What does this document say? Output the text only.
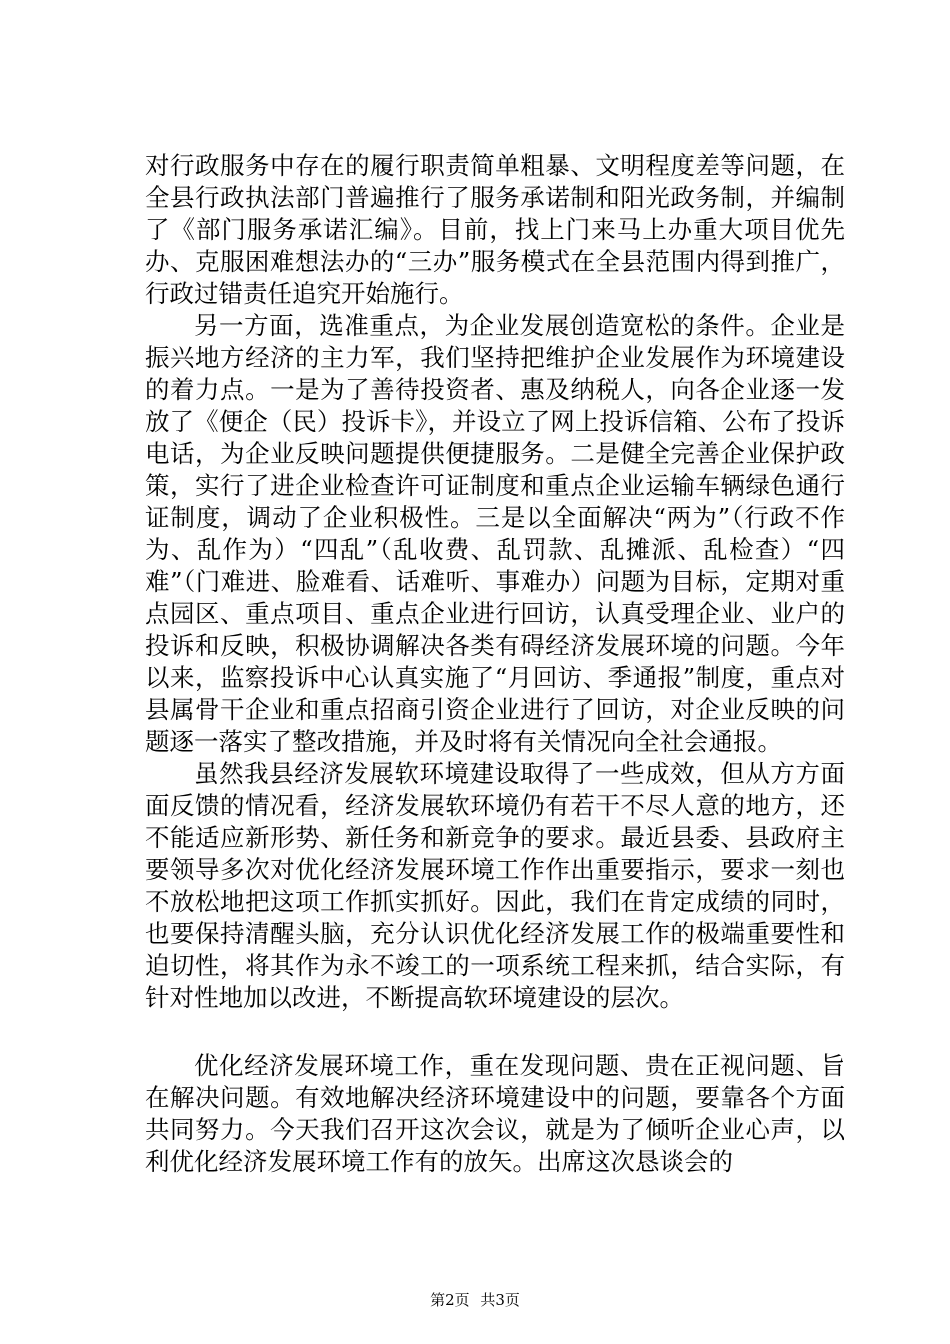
对行政服务中存在的履行职责简单粗暴、文明程度差等问题，在全县行政执法部门普遍推行了服务承诺制和阳光政务制，并编制了《部门服务承诺汇编》。目前，找上门来马上办重大项目优先办、克服困难想法办的“三办”服务模式在全县范围内得到推广，行政过错责任追究开始施行。

另一方面，选准重点，为企业发展创造宽松的条件。企业是振兴地方经济的主力军，我们坚持把维护企业发展作为环境建设的着力点。一是为了善待投资者、惠及纳税人，向各企业逐一发放了《便企（民）投诉卡》，并设立了网上投诉信箱、公布了投诉电话，为企业反映问题提供便捷服务。二是健全完善企业保护政策，实行了进企业检查许可证制度和重点企业运输车辆绿色通行证制度，调动了企业积极性。三是以全面解决“两为”（行政不作为、乱作为）“四乱”（乱收费、乱罚款、乱摊派、乱检查）“四难”（门难进、脸难看、话难听、事难办）问题为目标，定期对重点园区、重点项目、重点企业进行回访，认真受理企业、业户的投诉和反映，积极协调解决各类有碍经济发展环境的问题。今年以来，监察投诉中心认真实施了“月回访、季通报”制度，重点对县属骨干企业和重点招商引资企业进行了回访，对企业反映的问题逐一落实了整改措施，并及时将有关情况向全社会通报。

虽然我县经济发展软环境建设取得了一些成效，但从方方面面反馈的情况看，经济发展软环境仍有若干不尽人意的地方，还不能适应新形势、新任务和新竞争的要求。最近县委、县政府主要领导多次对优化经济发展环境工作作出重要指示，要求一刻也不放松地把这项工作抓实抓好。因此，我们在肯定成绩的同时，也要保持清醒头脑，充分认识优化经济发展工作的极端重要性和迫切性，将其作为永不竣工的一项系统工程来抓，结合实际，有针对性地加以改进，不断提高软环境建设的层次。

优化经济发展环境工作，重在发现问题、贵在正视问题、旨在解决问题。有效地解决经济环境建设中的问题，要靠各个方面共同努力。今天我们召开这次会议，就是为了倾听企业心声，以利优化经济发展环境工作有的放矢。出席这次恳谈会的

第2页 共3页
